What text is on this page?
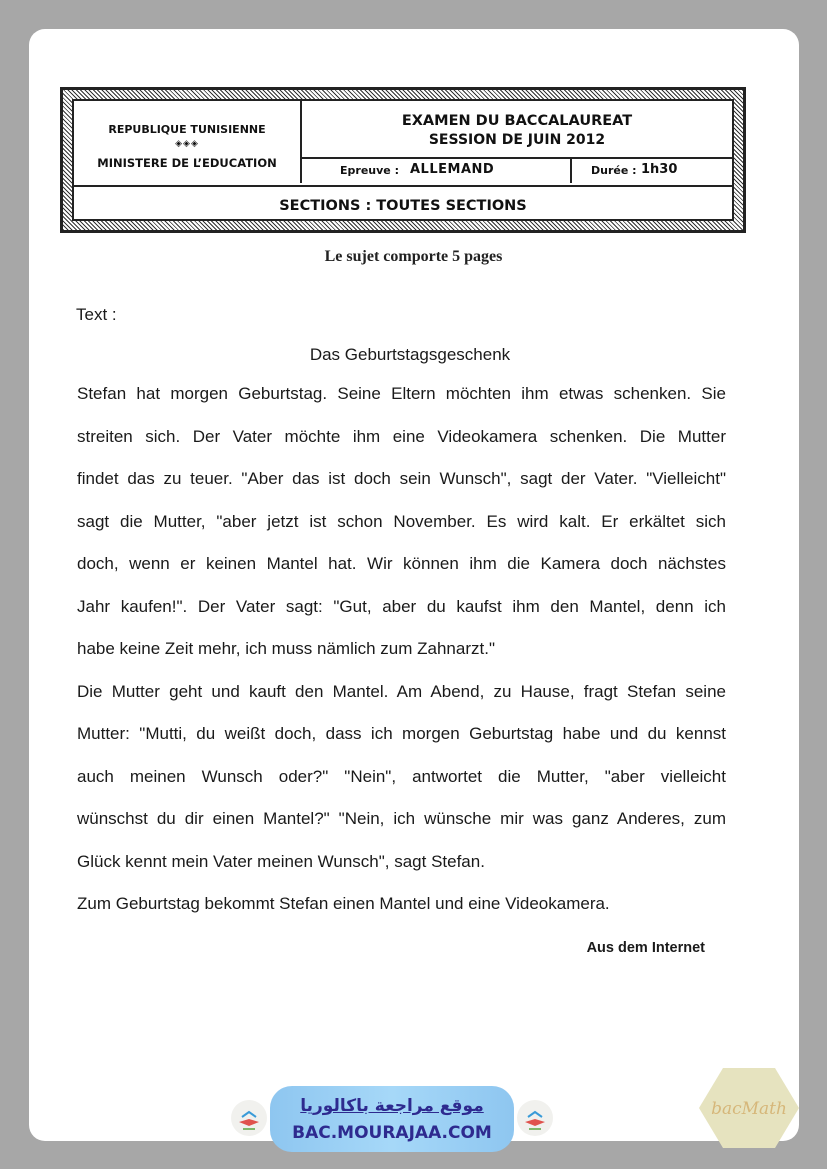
REPUBLIQUE TUNISIENNE
◈◈◈
MINISTERE DE L’EDUCATION
EXAMEN DU BACCALAUREAT
SESSION DE JUIN 2012
Epreuve : ALLEMAND	Durée : 1h30
SECTIONS : TOUTES SECTIONS
Le sujet comporte 5 pages
Text :
Das Geburtstagsgeschenk
Stefan hat morgen Geburtstag. Seine Eltern möchten ihm etwas schenken. Sie
streiten sich. Der Vater möchte ihm eine Videokamera schenken. Die Mutter
findet das zu teuer. "Aber das ist doch sein Wunsch", sagt der Vater. "Vielleicht"
sagt die Mutter, "aber jetzt ist schon November. Es wird kalt. Er erkältet sich
doch, wenn er keinen Mantel hat. Wir können ihm die Kamera doch nächstes
Jahr kaufen!". Der Vater sagt: "Gut, aber du kaufst ihm den Mantel, denn ich
habe keine Zeit mehr, ich muss nämlich zum Zahnarzt."
Die Mutter geht und kauft den Mantel. Am Abend, zu Hause, fragt Stefan seine
Mutter: "Mutti, du weißt doch, dass ich morgen Geburtstag habe und du kennst
auch meinen Wunsch oder?" "Nein", antwortet die Mutter, "aber vielleicht
wünschst du dir einen Mantel?" "Nein, ich wünsche mir was ganz Anderes, zum
Glück kennt mein Vater meinen Wunsch", sagt Stefan.
Zum Geburtstag bekommt Stefan einen Mantel und eine Videokamera.
Aus dem Internet
موقع مراجعة باكالوريا
BAC.MOURAJAA.COM
bacMath
